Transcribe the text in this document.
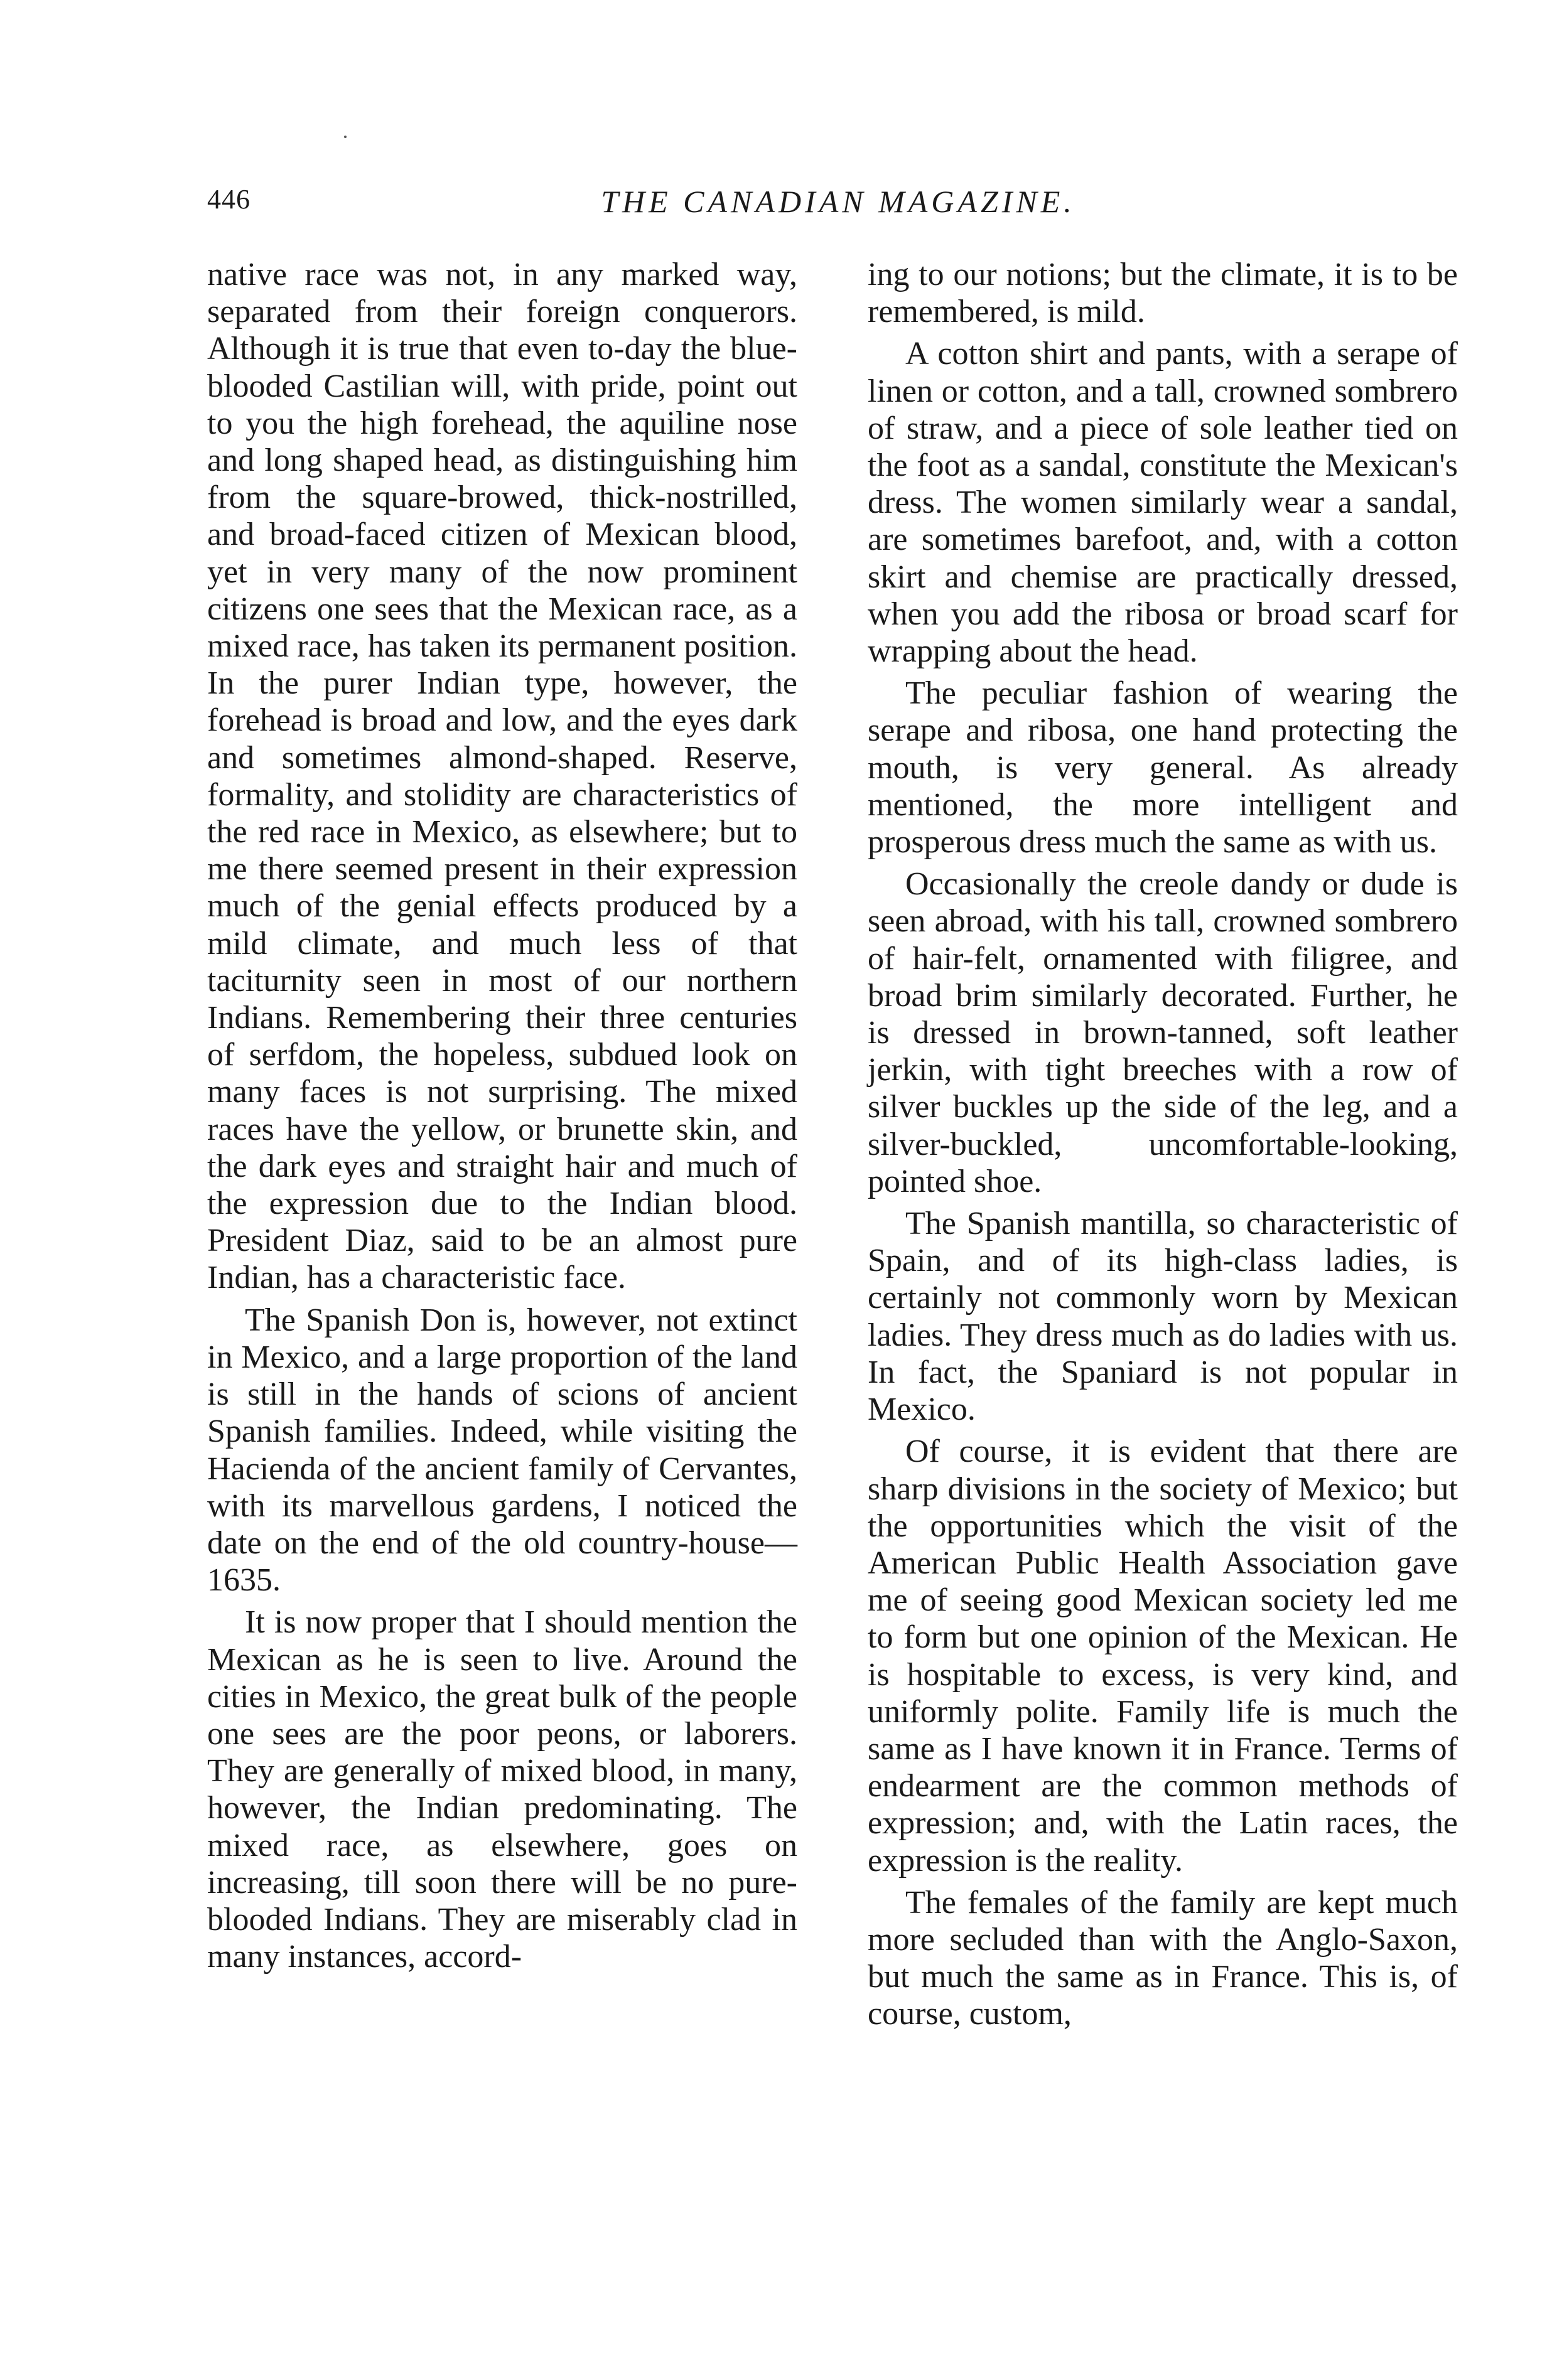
446	THE CANADIAN MAGAZINE.

native race was not, in any marked way, separated from their foreign conquerors. Although it is true that even to-day the blue-blooded Castilian will, with pride, point out to you the high forehead, the aquiline nose and long shaped head, as distinguishing him from the square-browed, thick-nostrilled, and broad-faced citizen of Mexican blood, yet in very many of the now prominent citizens one sees that the Mexican race, as a mixed race, has taken its permanent position. In the purer Indian type, however, the forehead is broad and low, and the eyes dark and sometimes almond-shaped. Reserve, formality, and stolidity are characteristics of the red race in Mexico, as elsewhere; but to me there seemed present in their expression much of the genial effects produced by a mild climate, and much less of that taciturnity seen in most of our northern Indians. Remembering their three centuries of serfdom, the hopeless, subdued look on many faces is not surprising. The mixed races have the yellow, or brunette skin, and the dark eyes and straight hair and much of the expression due to the Indian blood. President Diaz, said to be an almost pure Indian, has a characteristic face.

The Spanish Don is, however, not extinct in Mexico, and a large proportion of the land is still in the hands of scions of ancient Spanish families. Indeed, while visiting the Hacienda of the ancient family of Cervantes, with its marvellous gardens, I noticed the date on the end of the old country-house—1635.

It is now proper that I should mention the Mexican as he is seen to live. Around the cities in Mexico, the great bulk of the people one sees are the poor peons, or laborers. They are generally of mixed blood, in many, however, the Indian predominating. The mixed race, as elsewhere, goes on increasing, till soon there will be no pure-blooded Indians. They are miserably clad in many instances, accord-

ing to our notions; but the climate, it is to be remembered, is mild.

A cotton shirt and pants, with a serape of linen or cotton, and a tall, crowned sombrero of straw, and a piece of sole leather tied on the foot as a sandal, constitute the Mexican's dress. The women similarly wear a sandal, are sometimes barefoot, and, with a cotton skirt and chemise are practically dressed, when you add the ribosa or broad scarf for wrapping about the head.

The peculiar fashion of wearing the serape and ribosa, one hand protecting the mouth, is very general. As already mentioned, the more intelligent and prosperous dress much the same as with us.

Occasionally the creole dandy or dude is seen abroad, with his tall, crowned sombrero of hair-felt, ornamented with filigree, and broad brim similarly decorated. Further, he is dressed in brown-tanned, soft leather jerkin, with tight breeches with a row of silver buckles up the side of the leg, and a silver-buckled, uncomfortable-looking, pointed shoe.

The Spanish mantilla, so characteristic of Spain, and of its high-class ladies, is certainly not commonly worn by Mexican ladies. They dress much as do ladies with us. In fact, the Spaniard is not popular in Mexico.

Of course, it is evident that there are sharp divisions in the society of Mexico; but the opportunities which the visit of the American Public Health Association gave me of seeing good Mexican society led me to form but one opinion of the Mexican. He is hospitable to excess, is very kind, and uniformly polite. Family life is much the same as I have known it in France. Terms of endearment are the common methods of expression; and, with the Latin races, the expression is the reality.

The females of the family are kept much more secluded than with the Anglo-Saxon, but much the same as in France. This is, of course, custom,
